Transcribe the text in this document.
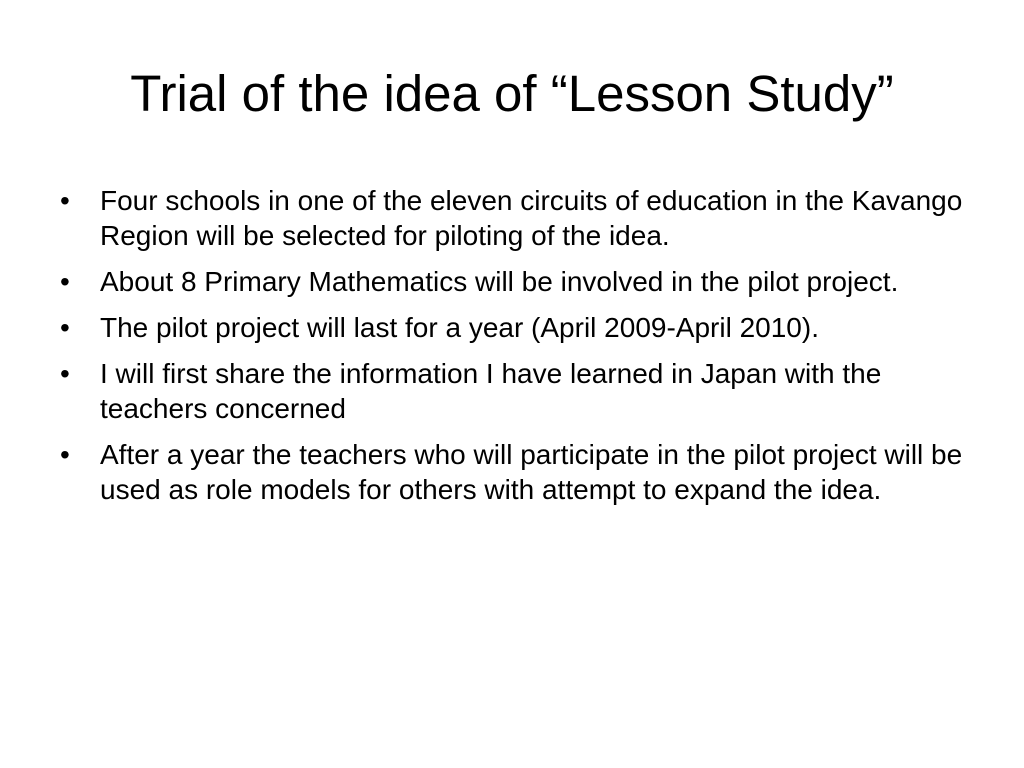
Trial of the idea of “Lesson Study”
•	Four schools in one of the eleven circuits of education in the Kavango Region will be selected for piloting of the idea.
•	About 8 Primary Mathematics will be involved in the pilot project.
•	The pilot project will last for a year (April 2009-April 2010).
•	I will first share the information I have learned in Japan with the teachers concerned
•	After a year the teachers who will participate in the pilot project will be used as role models for others with attempt to expand the idea.
